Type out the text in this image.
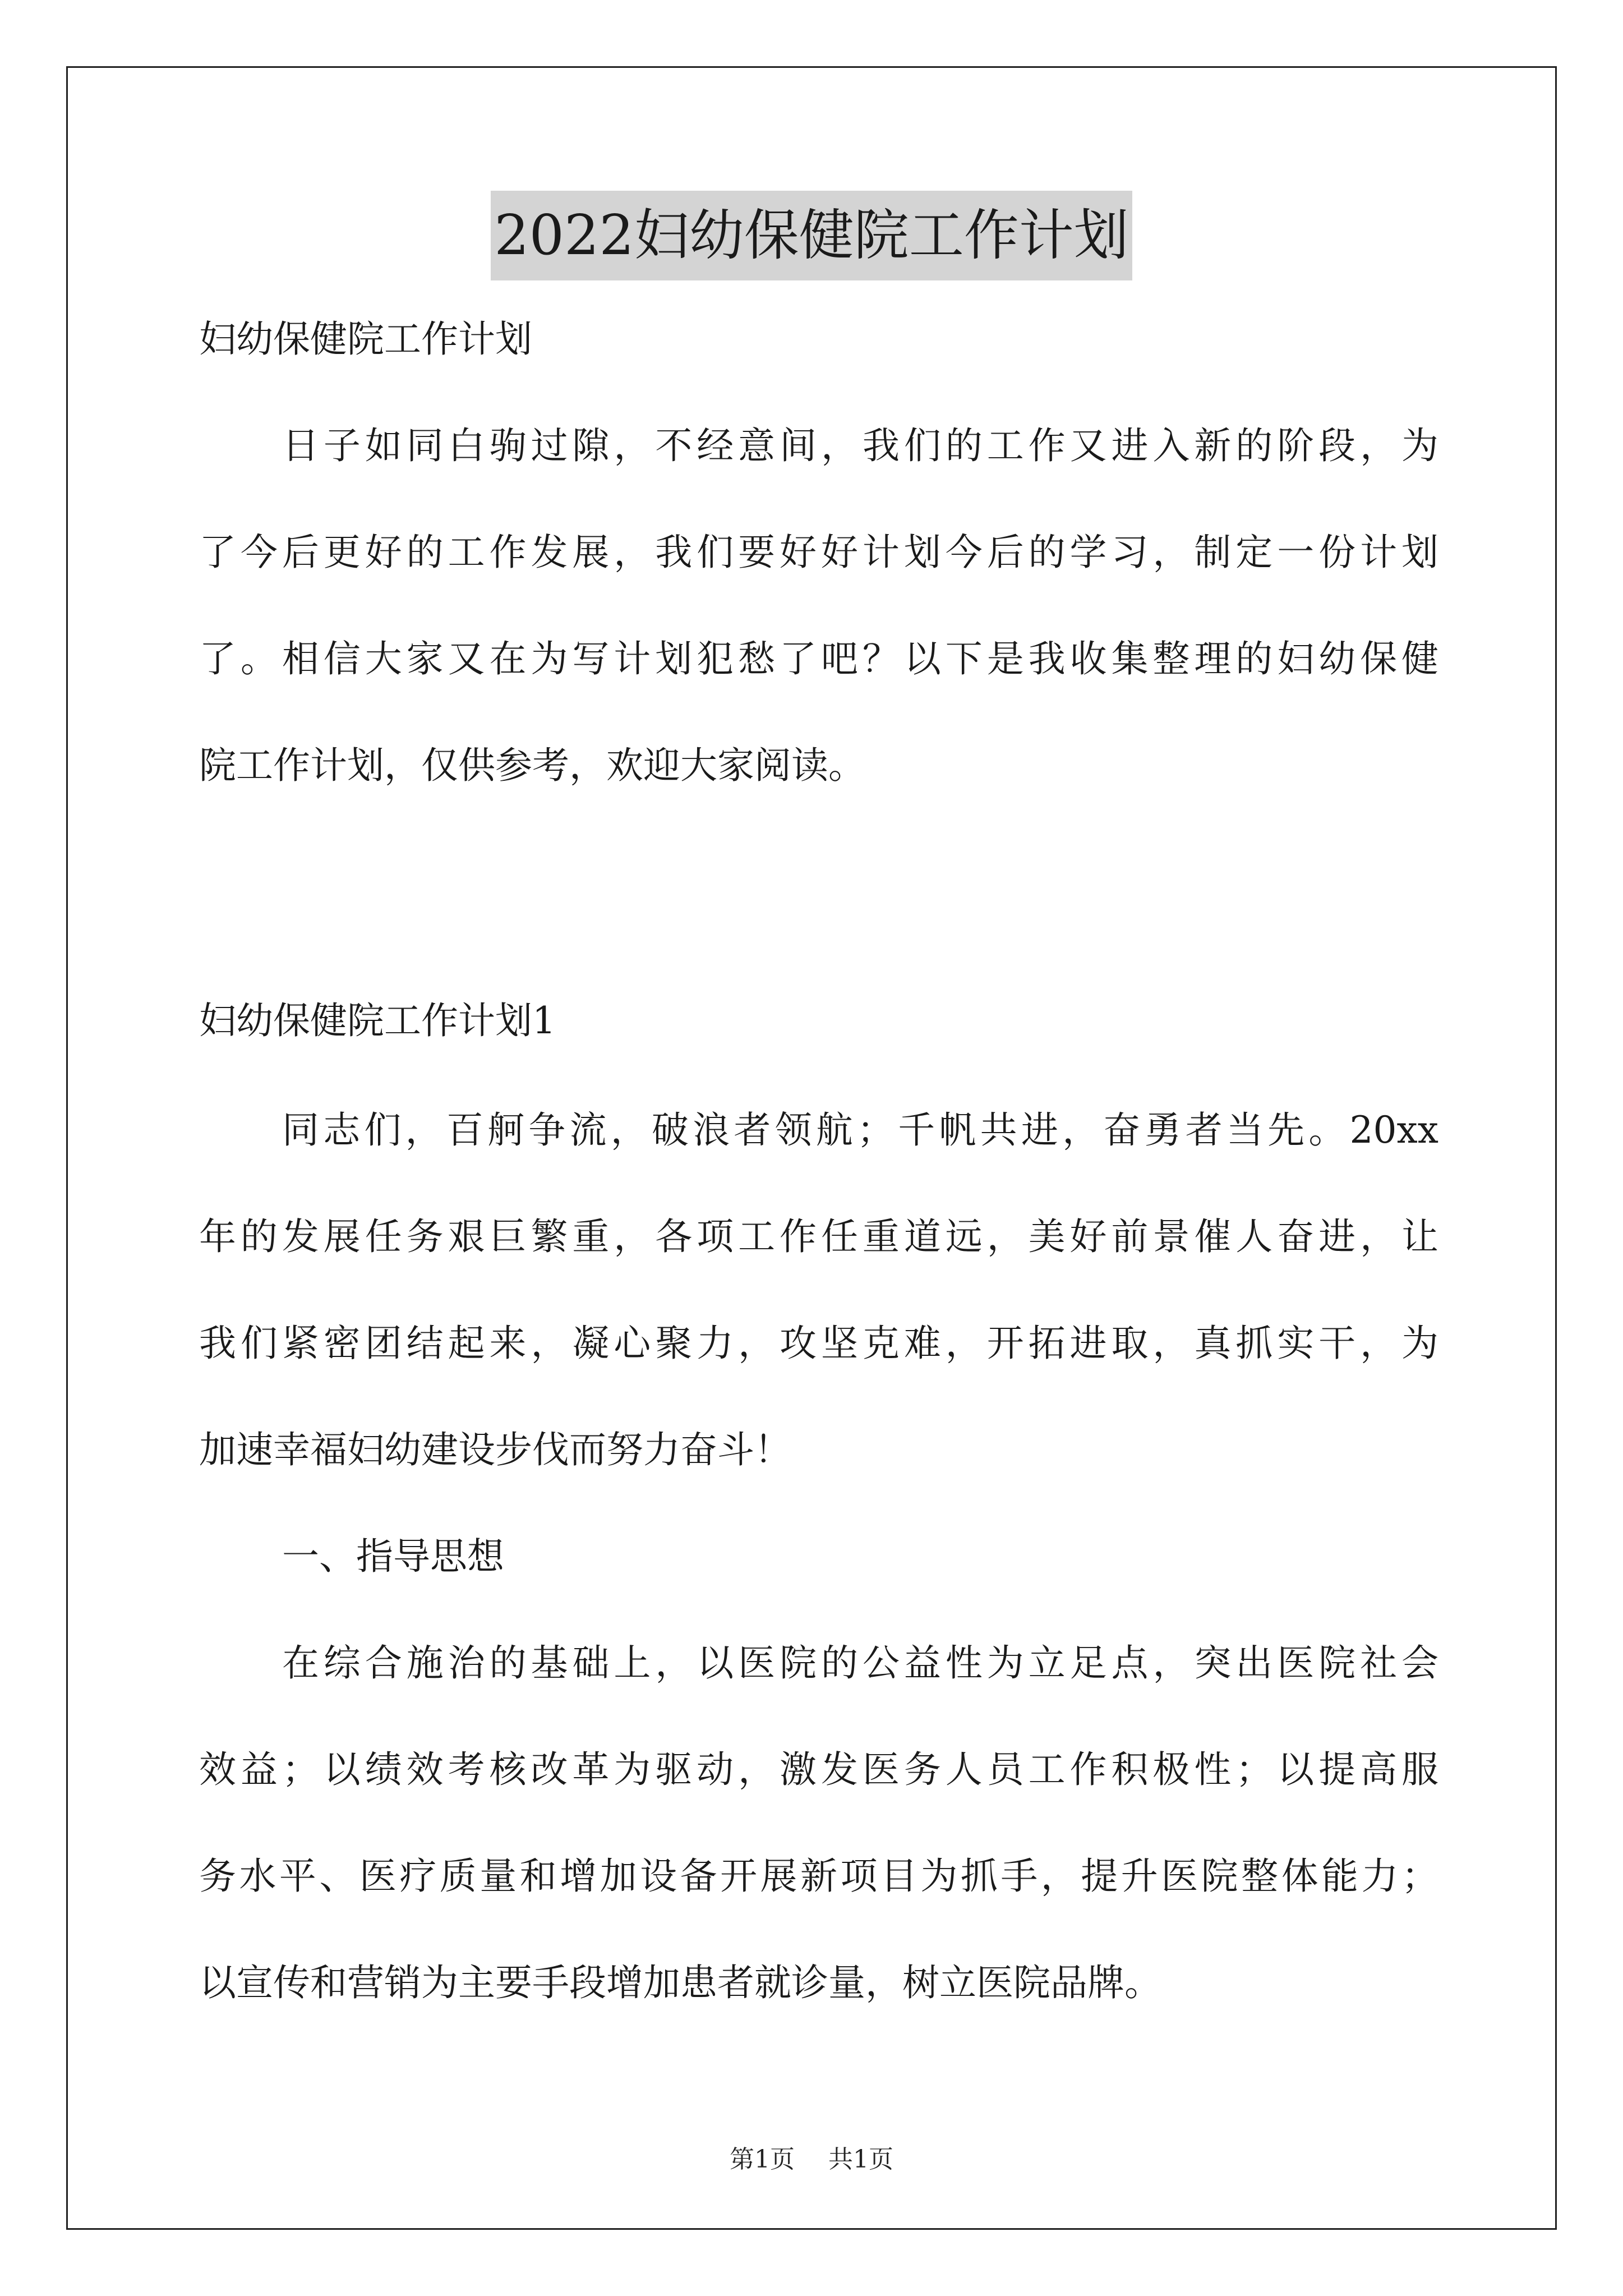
2022妇幼保健院工作计划
妇幼保健院工作计划
日子如同白驹过隙，不经意间，我们的工作又进入新的阶段，为
了今后更好的工作发展，我们要好好计划今后的学习，制定一份计划
了。相信大家又在为写计划犯愁了吧？以下是我收集整理的妇幼保健
院工作计划，仅供参考，欢迎大家阅读。
妇幼保健院工作计划1
同志们，百舸争流，破浪者领航；千帆共进，奋勇者当先。20xx
年的发展任务艰巨繁重，各项工作任重道远，美好前景催人奋进，让
我们紧密团结起来，凝心聚力，攻坚克难，开拓进取，真抓实干，为
加速幸福妇幼建设步伐而努力奋斗！
一、指导思想
在综合施治的基础上，以医院的公益性为立足点，突出医院社会
效益；以绩效考核改革为驱动，激发医务人员工作积极性；以提高服
务水平、医疗质量和增加设备开展新项目为抓手，提升医院整体能力；
以宣传和营销为主要手段增加患者就诊量，树立医院品牌。
第1页 共1页
